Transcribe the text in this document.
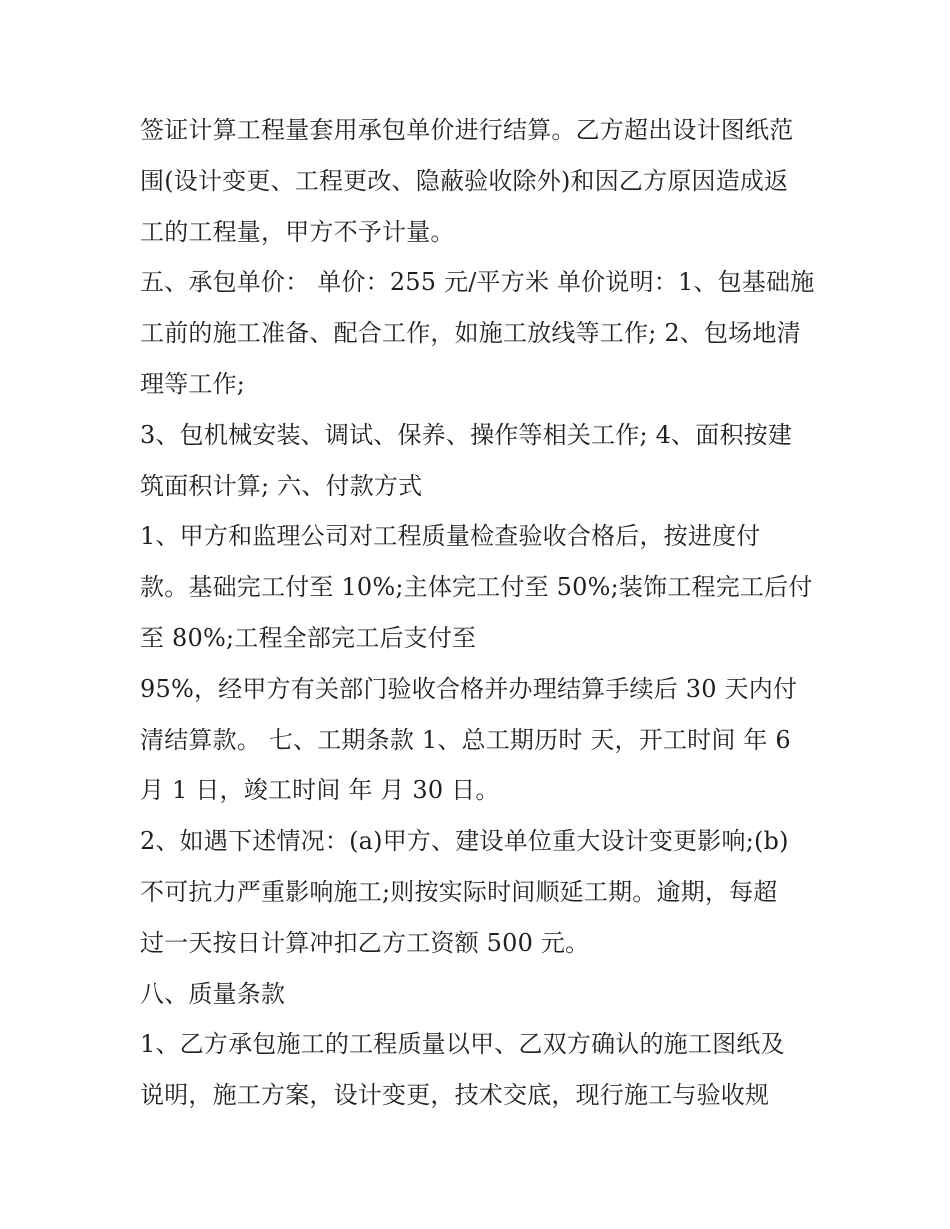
签证计算工程量套用承包单价进行结算。乙方超出设计图纸范
围(设计变更、工程更改、隐蔽验收除外)和因乙方原因造成返
工的工程量，甲方不予计量。
五、承包单价： 单价：255 元/平方米 单价说明：1、包基础施
工前的施工准备、配合工作，如施工放线等工作; 2、包场地清
理等工作;
3、包机械安装、调试、保养、操作等相关工作; 4、面积按建
筑面积计算; 六、付款方式
1、甲方和监理公司对工程质量检查验收合格后，按进度付
款。基础完工付至 10%;主体完工付至 50%;装饰工程完工后付
至 80%;工程全部完工后支付至
95%，经甲方有关部门验收合格并办理结算手续后 30 天内付
清结算款。 七、工期条款 1、总工期历时 天，开工时间 年 6
月 1 日，竣工时间 年 月 30 日。
2、如遇下述情况：(a)甲方、建设单位重大设计变更影响;(b)
不可抗力严重影响施工;则按实际时间顺延工期。逾期，每超
过一天按日计算冲扣乙方工资额 500 元。
八、质量条款
1、乙方承包施工的工程质量以甲、乙双方确认的施工图纸及
说明，施工方案，设计变更，技术交底，现行施工与验收规
